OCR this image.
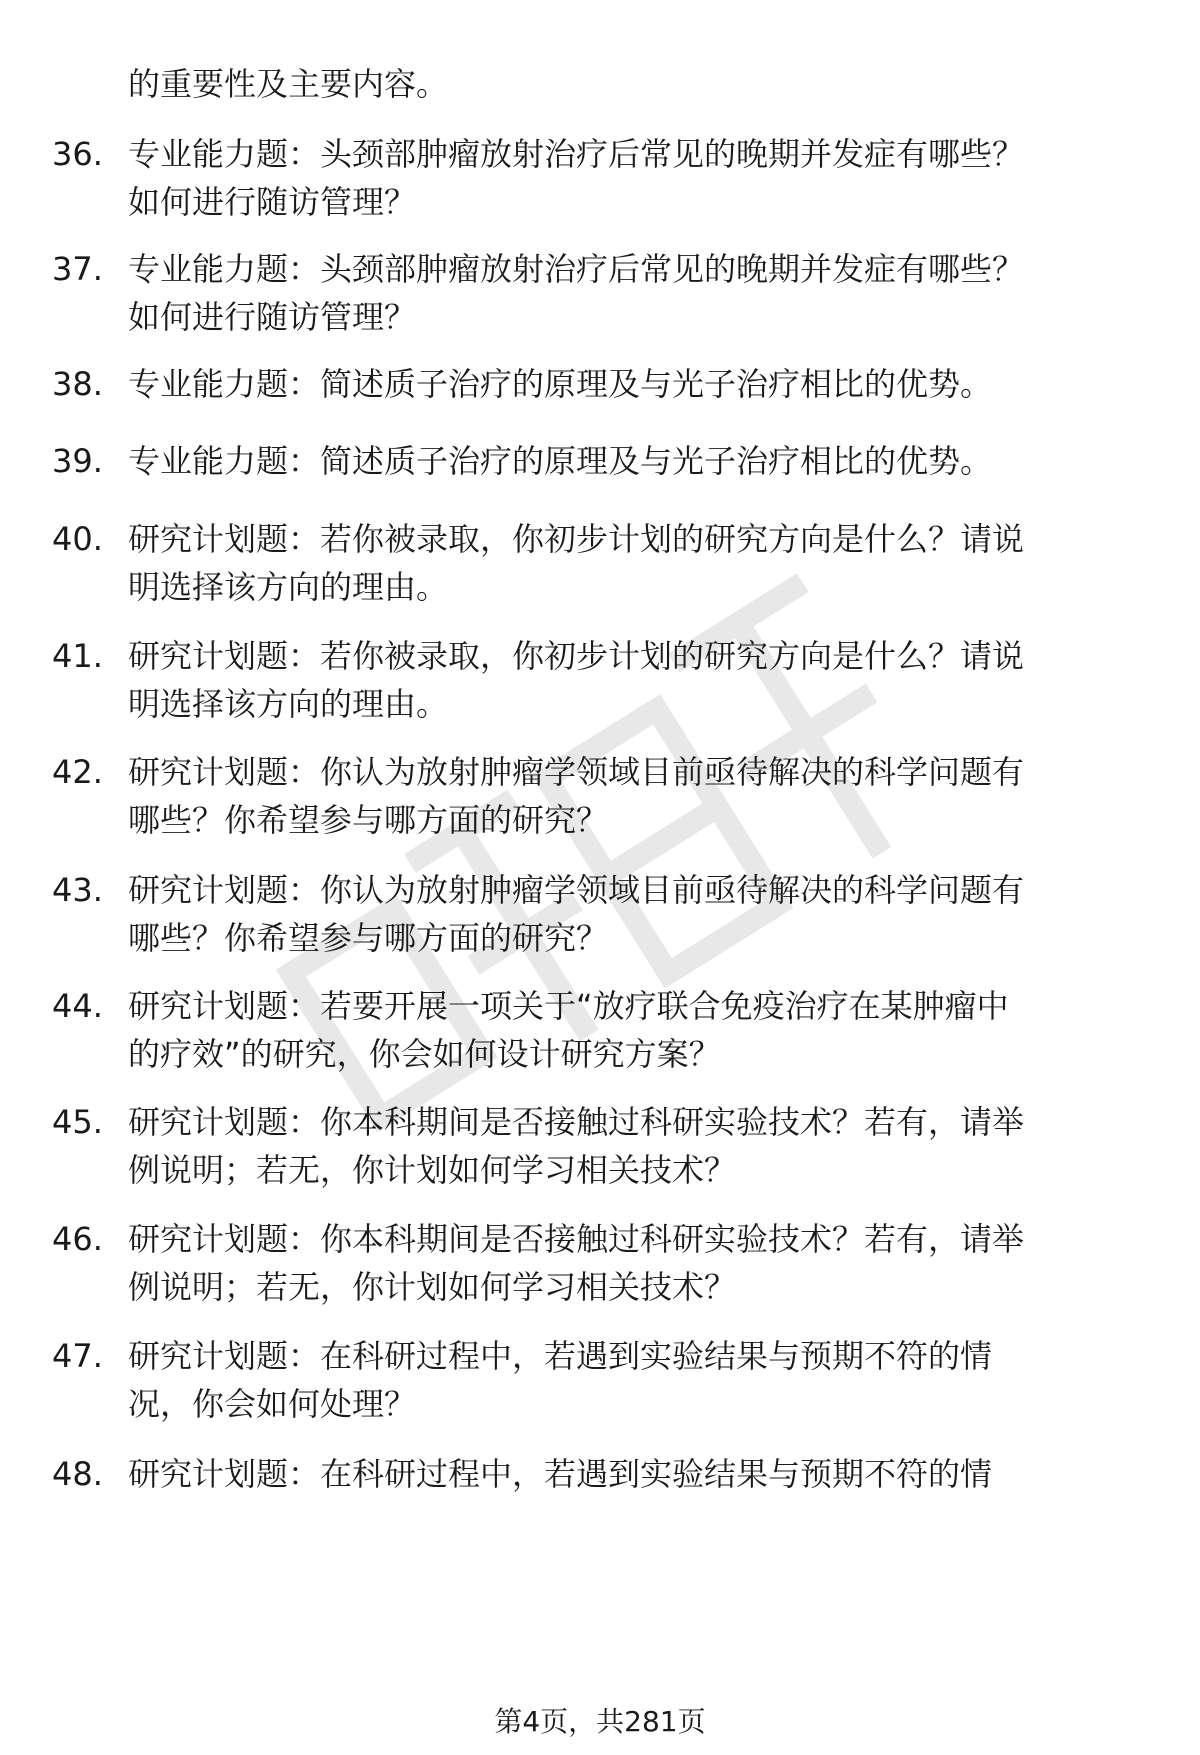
的重要性及主要内容。
36. 专业能力题：头颈部肿瘤放射治疗后常见的晚期并发症有哪些？
如何进行随访管理？
37. 专业能力题：头颈部肿瘤放射治疗后常见的晚期并发症有哪些？
如何进行随访管理？
38. 专业能力题：简述质子治疗的原理及与光子治疗相比的优势。
39. 专业能力题：简述质子治疗的原理及与光子治疗相比的优势。
40. 研究计划题：若你被录取，你初步计划的研究方向是什么？请说
明选择该方向的理由。
41. 研究计划题：若你被录取，你初步计划的研究方向是什么？请说
明选择该方向的理由。
42. 研究计划题：你认为放射肿瘤学领域目前亟待解决的科学问题有
哪些？你希望参与哪方面的研究？
43. 研究计划题：你认为放射肿瘤学领域目前亟待解决的科学问题有
哪些？你希望参与哪方面的研究？
44. 研究计划题：若要开展一项关于“放疗联合免疫治疗在某肿瘤中
的疗效”的研究，你会如何设计研究方案？
45. 研究计划题：你本科期间是否接触过科研实验技术？若有，请举
例说明；若无，你计划如何学习相关技术？
46. 研究计划题：你本科期间是否接触过科研实验技术？若有，请举
例说明；若无，你计划如何学习相关技术？
47. 研究计划题：在科研过程中，若遇到实验结果与预期不符的情
况，你会如何处理？
48. 研究计划题：在科研过程中，若遇到实验结果与预期不符的情
第4页，共281页
